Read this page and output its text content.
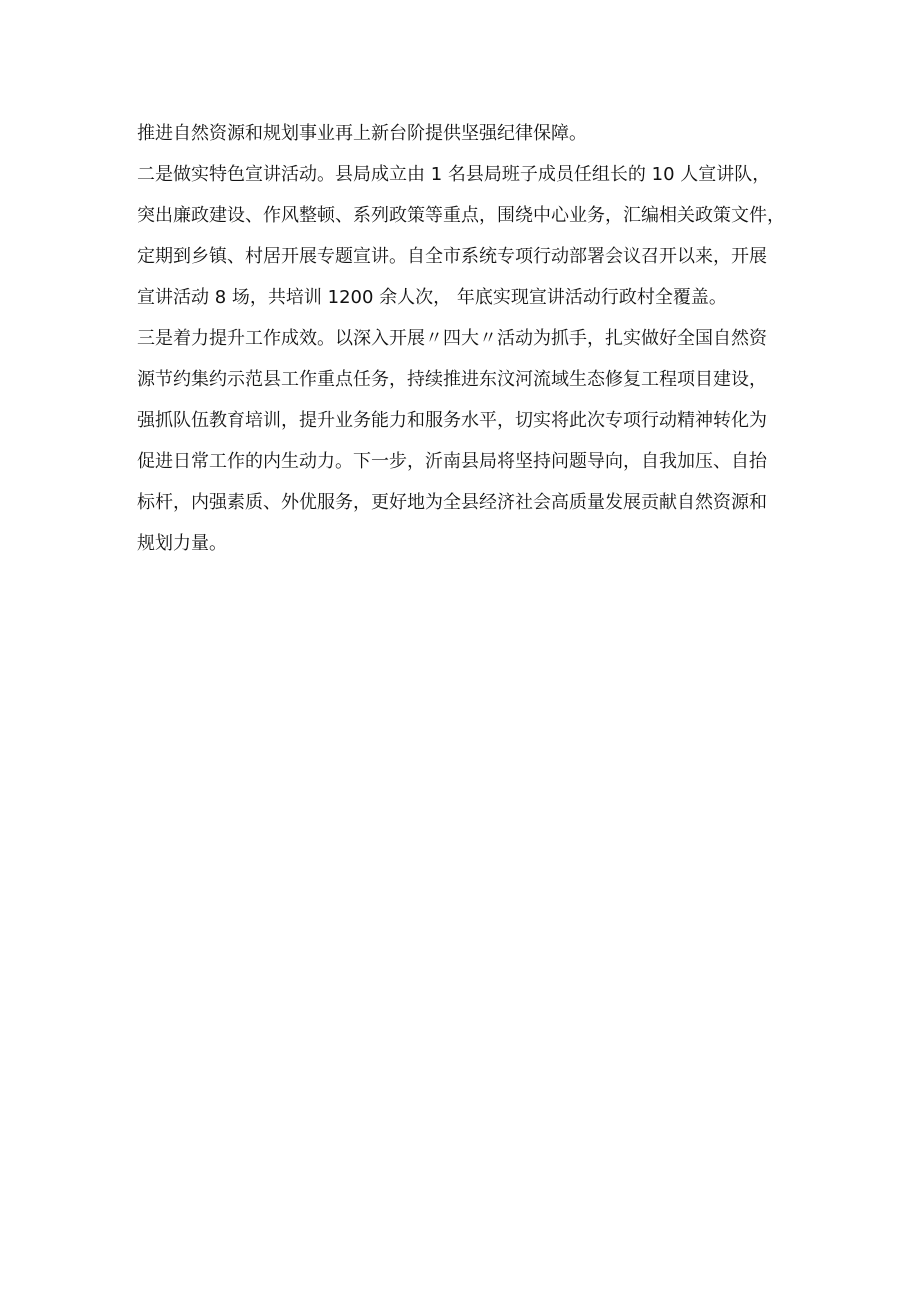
推进自然资源和规划事业再上新台阶提供坚强纪律保障。
二是做实特色宣讲活动。县局成立由 1 名县局班子成员任组长的 10 人宣讲队，
突出廉政建设、作风整顿、系列政策等重点，围绕中心业务，汇编相关政策文件，
定期到乡镇、村居开展专题宣讲。自全市系统专项行动部署会议召开以来，开展
宣讲活动 8 场，共培训 1200 余人次， 年底实现宣讲活动行政村全覆盖。
三是着力提升工作成效。以深入开展〃四大〃活动为抓手，扎实做好全国自然资
源节约集约示范县工作重点任务，持续推进东汶河流域生态修复工程项目建设，
强抓队伍教育培训，提升业务能力和服务水平，切实将此次专项行动精神转化为
促进日常工作的内生动力。下一步，沂南县局将坚持问题导向，自我加压、自抬
标杆，内强素质、外优服务，更好地为全县经济社会高质量发展贡献自然资源和
规划力量。
